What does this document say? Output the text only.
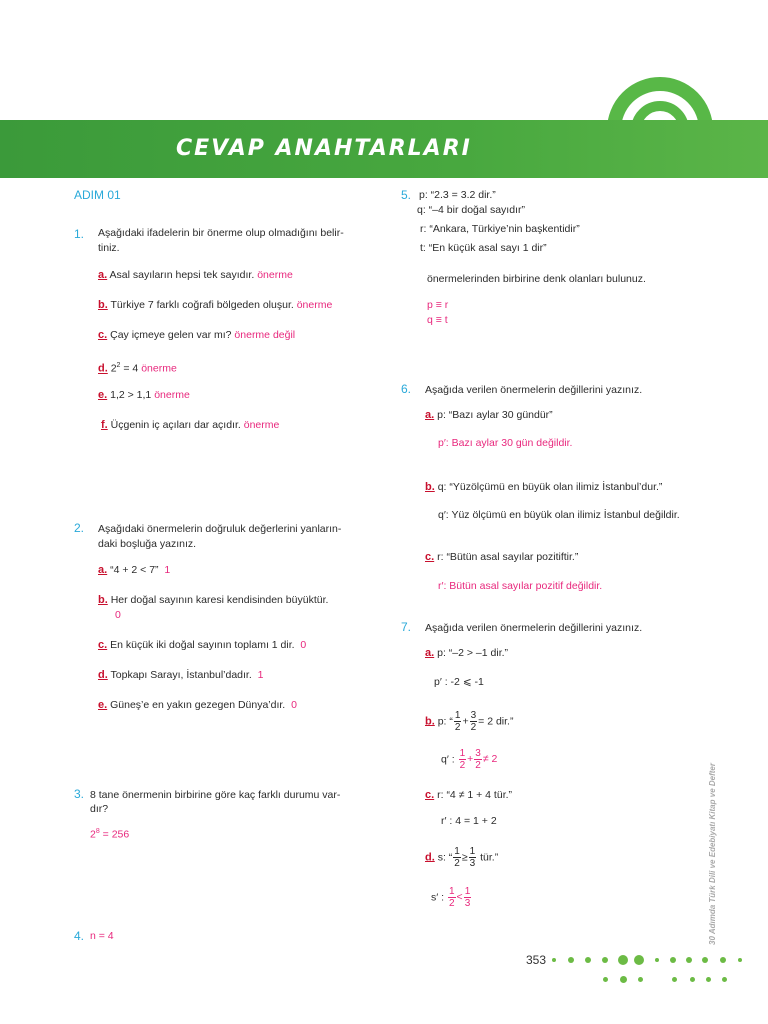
CEVAP ANAHTARLARI
ADIM 01
1. Aşağıdaki ifadelerin bir önerme olup olmadığını belir-
tiniz.
a. Asal sayıların hepsi tek sayıdır. önerme
b. Türkiye 7 farklı coğrafi bölgeden oluşur. önerme
c. Çay içmeye gelen var mı? önerme değil
d. $2^2 = 4$ önerme
e. 1,2 > 1,1 önerme
f. Üçgenin iç açıları dar açıdır. önerme
2. Aşağıdaki önermelerin doğruluk değerlerini yanların-
daki boşluğa yazınız.
a. “4 + 2 < 7” 1
b. Her doğal sayının karesi kendisinden büyüktür.
0
c. En küçük iki doğal sayının toplamı 1 dir. 0
d. Topkapı Sarayı, İstanbul’dadır. 1
e. Güneş’e en yakın gezegen Dünya’dır. 0
3. 8 tane önermenin birbirine göre kaç farklı durumu var-
dır?
$2^8 = 256$
4. n = 4
5. p: “2.3 = 3.2 dir.”
q: “–4 bir doğal sayıdır”
r: “Ankara, Türkiye’nin başkentidir”
t: “En küçük asal sayı 1 dir”
önermelerinden birbirine denk olanları bulunuz.
p ≡ r
q ≡ t
6. Aşağıda verilen önermelerin değillerini yazınız.
a. p: “Bazı aylar 30 gündür”
p′: Bazı aylar 30 gün değildir.
b. q: “Yüzölçümü en büyük olan ilimiz İstanbul’dur.”
q′: Yüz ölçümü en büyük olan ilimiz İstanbul değildir.
c. r: “Bütün asal sayılar pozitiftir.”
r′: Bütün asal sayılar pozitif değildir.
7. Aşağıda verilen önermelerin değillerini yazınız.
a. p: “–2 > –1 dir.”
p′ : -2 ⩽ -1
b. p: “ $\frac{1}{2} + \frac{3}{2} = 2$ dir.”
q′ : $\frac{1}{2} + \frac{3}{2} \ne 2$
c. r: “4 ≠ 1 + 4 tür.”
r′ : 4 = 1 + 2
d. s: “ $\frac{1}{2} \ge \frac{1}{3}$ tür.”
s′ : $\frac{1}{2} < \frac{1}{3}$	30 Adımda Türk Dili ve Edebiyatı Kitap ve Defter
353
